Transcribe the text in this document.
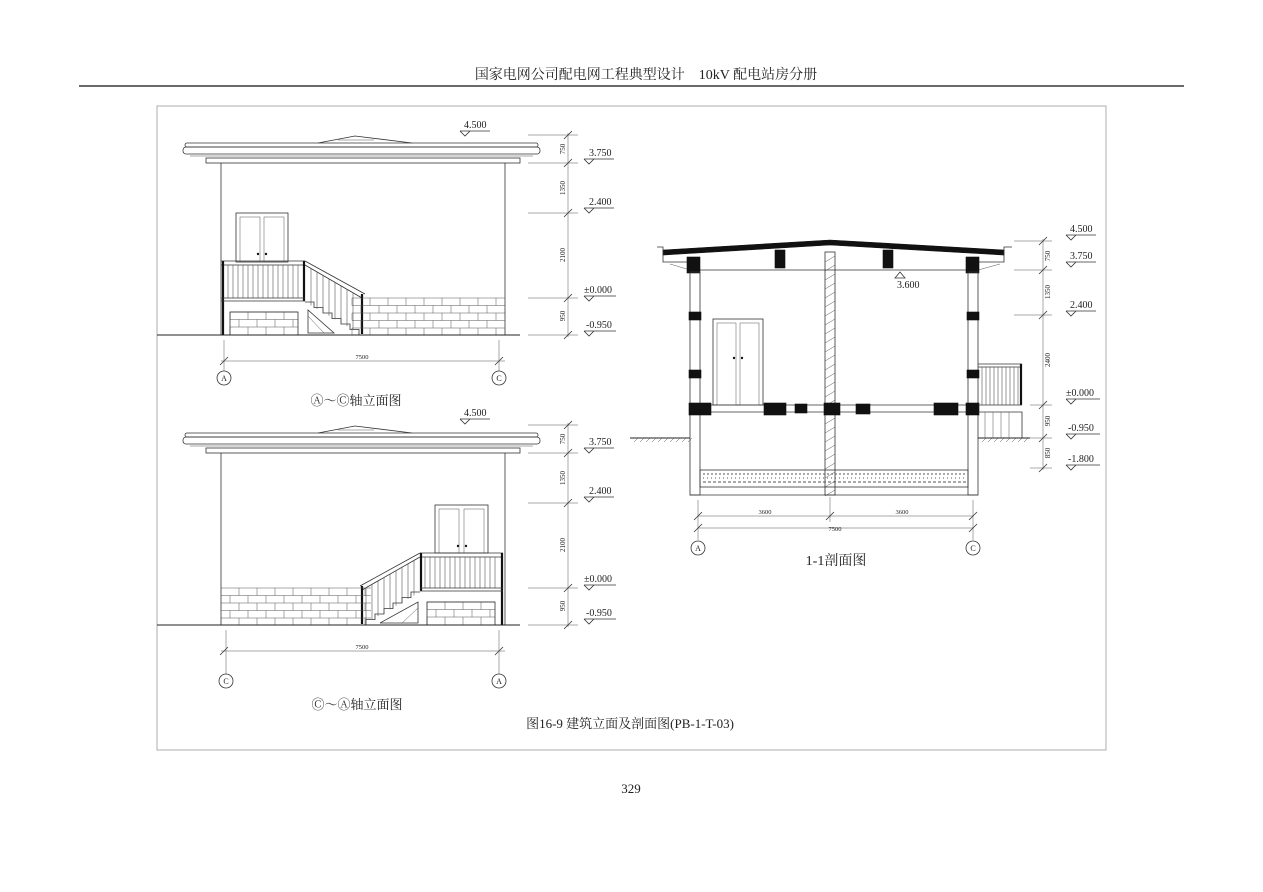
国家电网公司配电网工程典型设计    10kV 配电站房分册
750
1350
2100
950
4.500
3.750
2.400
±0.000
-0.950
7500
A	C
Ⓐ～Ⓒ轴立面图
750
1350
2100
950
4.500
3.750
2.400
±0.000
-0.950
7500
C	A
Ⓒ～Ⓐ轴立面图
3.600
750
1350
2400
950
850
4.500
3.750
2.400
±0.000
-0.950
-1.800
3600	3600
7500
A	C
1-1剖面图
图16-9 建筑立面及剖面图(PB-1-T-03)
329
